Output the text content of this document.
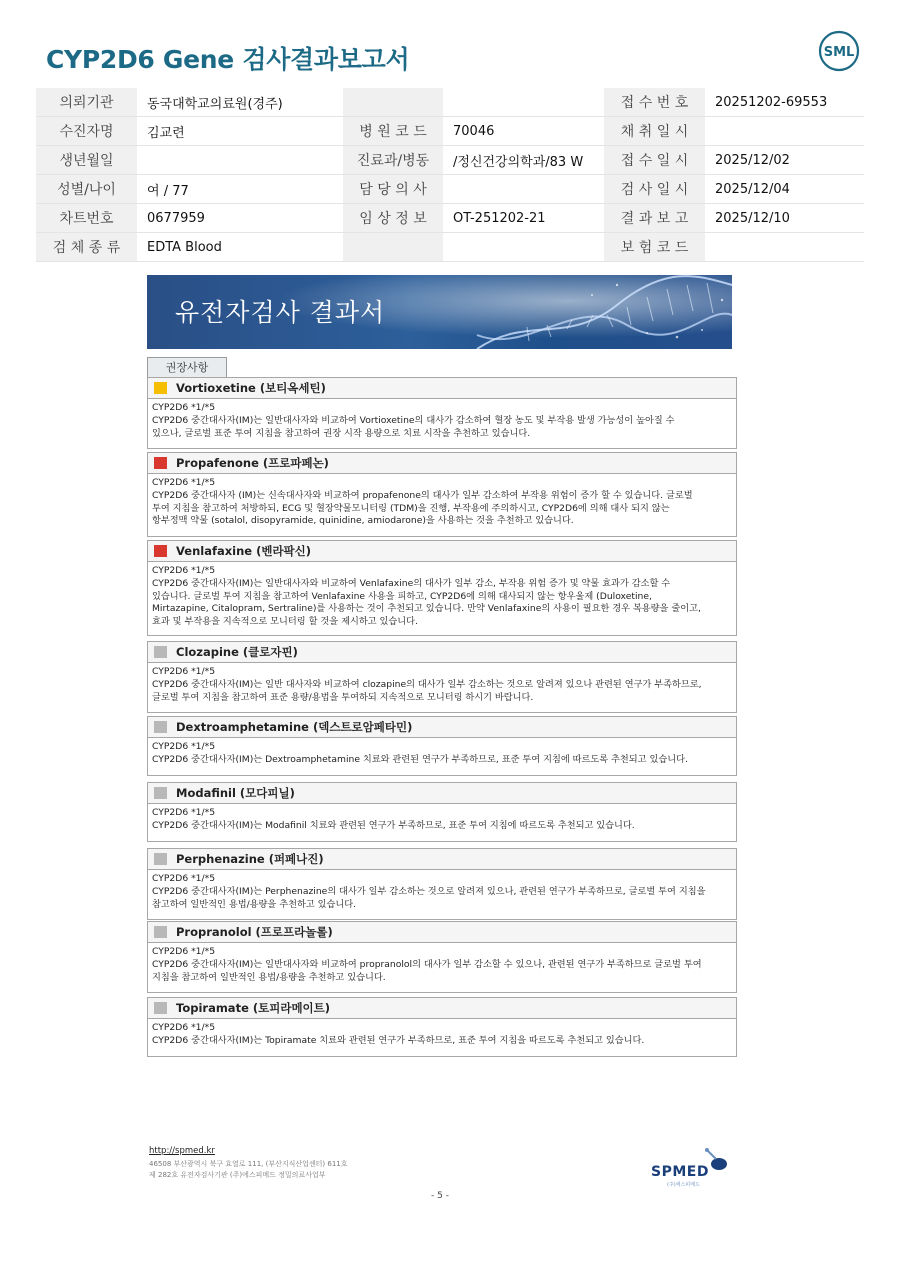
CYP2D6 Gene 검사결과보고서	SML
의뢰기관	동국대학교의료원(경주)			접 수 번 호	20251202-69553
수진자명	김교련	병 원 코 드	70046	채 취 일 시	
생년월일		진료과/병동	/정신건강의학과/83 W	접 수 일 시	2025/12/02
성별/나이	여 / 77	담 당 의 사		검 사 일 시	2025/12/04
차트번호	0677959	임 상 정 보	OT-251202-21	결 과 보 고	2025/12/10
검 체 종 류	EDTA Blood			보 험 코 드	
유전자검사 결과서
권장사항
Vortioxetine (보티옥세틴)
CYP2D6 *1/*5
CYP2D6 중간대사자(IM)는 일반대사자와 비교하여 Vortioxetine의 대사가 감소하여 혈장 농도 및 부작용 발생 가능성이 높아질 수
있으나, 글로벌 표준 투여 지침을 참고하여 권장 시작 용량으로 치료 시작을 추천하고 있습니다.
Propafenone (프로파페논)
CYP2D6 *1/*5
CYP2D6 중간대사자 (IM)는 신속대사자와 비교하여 propafenone의 대사가 일부 감소하여 부작용 위험이 증가 할 수 있습니다. 글로벌
투여 지침을 참고하여 처방하되, ECG 및 혈장약물모니터링 (TDM)을 진행, 부작용에 주의하시고, CYP2D6에 의해 대사 되지 않는
항부정맥 약물 (sotalol, disopyramide, quinidine, amiodarone)을 사용하는 것을 추천하고 있습니다.
Venlafaxine (벤라팍신)
CYP2D6 *1/*5
CYP2D6 중간대사자(IM)는 일반대사자와 비교하여 Venlafaxine의 대사가 일부 감소, 부작용 위험 증가 및 약물 효과가 감소할 수
있습니다. 글로벌 투여 지침을 참고하여 Venlafaxine 사용을 피하고, CYP2D6에 의해 대사되지 않는 항우울제 (Duloxetine,
Mirtazapine, Citalopram, Sertraline)를 사용하는 것이 추천되고 있습니다. 만약 Venlafaxine의 사용이 필요한 경우 복용량을 줄이고,
효과 및 부작용을 지속적으로 모니터링 할 것을 제시하고 있습니다.
Clozapine (클로자핀)
CYP2D6 *1/*5
CYP2D6 중간대사자(IM)는 일반 대사자와 비교하여 clozapine의 대사가 일부 감소하는 것으로 알려져 있으나 관련된 연구가 부족하므로,
글로벌 투여 지침을 참고하여 표준 용량/용법을 투여하되 지속적으로 모니터링 하시기 바랍니다.
Dextroamphetamine (덱스트로암페타민)
CYP2D6 *1/*5
CYP2D6 중간대사자(IM)는 Dextroamphetamine 치료와 관련된 연구가 부족하므로, 표준 투여 지침에 따르도록 추천되고 있습니다.
Modafinil (모다피닐)
CYP2D6 *1/*5
CYP2D6 중간대사자(IM)는 Modafinil 치료와 관련된 연구가 부족하므로, 표준 투여 지침에 따르도록 추천되고 있습니다.
Perphenazine (퍼페나진)
CYP2D6 *1/*5
CYP2D6 중간대사자(IM)는 Perphenazine의 대사가 일부 감소하는 것으로 알려져 있으나, 관련된 연구가 부족하므로, 글로벌 투여 지침을
참고하여 일반적인 용법/용량을 추천하고 있습니다.
Propranolol (프로프라놀롤)
CYP2D6 *1/*5
CYP2D6 중간대사자(IM)는 일반대사자와 비교하여 propranolol의 대사가 일부 감소할 수 있으나, 관련된 연구가 부족하므로 글로벌 투여
지침을 참고하여 일반적인 용법/용량을 추천하고 있습니다.
Topiramate (토피라메이트)
CYP2D6 *1/*5
CYP2D6 중간대사자(IM)는 Topiramate 치료와 관련된 연구가 부족하므로, 표준 투여 지침을 따르도록 추천되고 있습니다.
http://spmed.kr
46508 부산광역시 북구 효열로 111, (부산지식산업센터) 611호
제 282호 유전자검사기관 (주)에스피메드 정밀의료사업부	SPMED
(주)에스피메드
- 5 -
